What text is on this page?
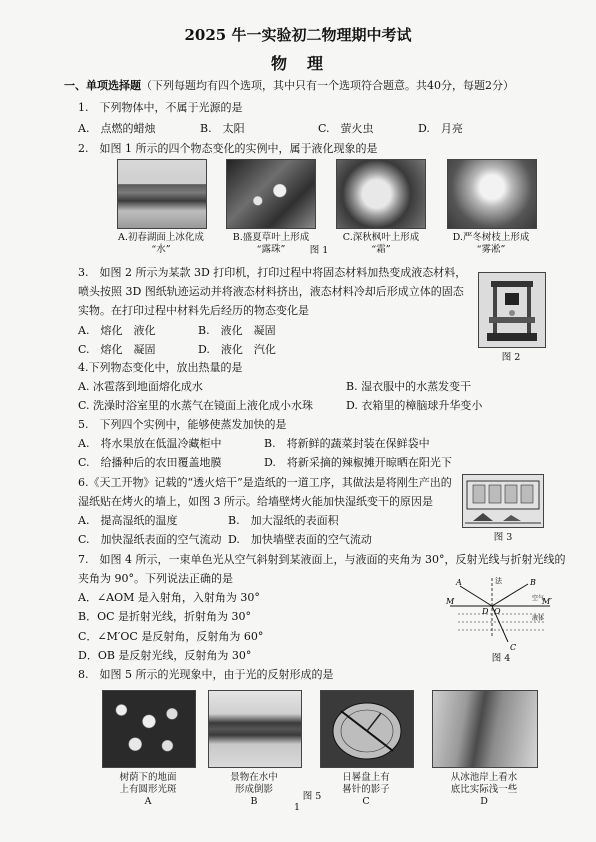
2025 牛一实验初二物理期中考试
物　理
一、单项选择题（下列每题均有四个选项，其中只有一个选项符合题意。共40分，每题2分）
1.　下列物体中，不属于光源的是
A.　点燃的蜡烛	B.　太阳	C.　萤火虫	D.　月亮
2.　如图 1 所示的四个物态变化的实例中，属于液化现象的是
A.初春湖面上冰化成
“水”
B.盛夏草叶上形成
“露珠”	图 1
C.深秋枫叶上形成
“霜”
D.严冬树枝上形成
“雾凇”
3.　如图 2 所示为某款 3D 打印机，打印过程中将固态材料加热变成液态材料，
喷头按照 3D 图纸轨迹运动并将液态材料挤出，液态材料冷却后形成立体的固态
实物。在打印过程中材料先后经历的物态变化是
A.　熔化　液化	B.　液化　凝固
C.　熔化　凝固	D.　液化　汽化
图 2
4.下列物态变化中，放出热量的是
A. 冰雹落到地面熔化成水	B. 湿衣服中的水蒸发变干
C. 洗澡时浴室里的水蒸气在镜面上液化成小水珠	D. 衣箱里的樟脑球升华变小
5.　下列四个实例中，能够使蒸发加快的是
A.　将水果放在低温冷藏柜中	B.　将新鲜的蔬菜封装在保鲜袋中
C.　给播种后的农田覆盖地膜	D.　将新采摘的辣椒摊开晾晒在阳光下
6.《天工开物》记载的“透火焙干”是造纸的一道工序，其做法是将刚生产出的
湿纸贴在烤火的墙上，如图 3 所示。给墙壁烤火能加快湿纸变干的原因是
A.　提高湿纸的温度	B.　加大湿纸的表面积
C.　加快湿纸表面的空气流动 D.　加快墙壁表面的空气流动	图 3
7.　如图 4 所示，一束单色光从空气斜射到某液面上，与液面的夹角为 30°，反射光线与折射光线的
夹角为 90°。下列说法正确的是
A．∠AOM 是入射角，入射角为 30°
B．OC 是折射光线，折射角为 30°
C．∠M′OC 是反射角，反射角为 60°
D．OB 是反射光线，反射角为 30°
A	B
C
D O
M	M′
法
空气
液体
图 4
8.　如图 5 所示的光现象中，由于光的反射形成的是
树荫下的地面
上有圆形光斑
A
景物在水中
形成倒影
B	图 5
日晷盘上有
晷针的影子
C
从冰池岸上看水
底比实际浅一些
D
1
